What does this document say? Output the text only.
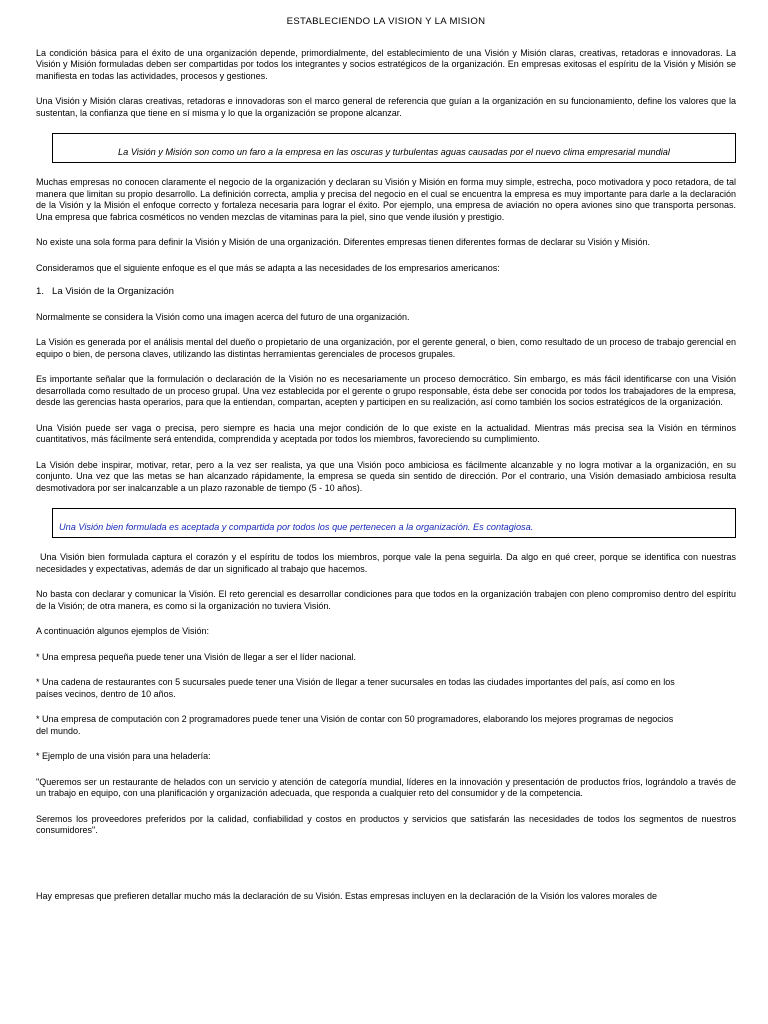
ESTABLECIENDO LA VISION Y LA MISION

La condición básica para el éxito de una organización depende, primordialmente, del establecimiento de una Visión y Misión claras, creativas, retadoras e innovadoras. La Visión y Misión formuladas deben ser compartidas por todos los integrantes y socios estratégicos de la organización. En empresas exitosas el espíritu de la Visión y Misión se manifiesta en todas las actividades, procesos y gestiones.

Una Visión y Misión claras creativas, retadoras e innovadoras son el marco general de referencia que guían a la organización en su funcionamiento, define los valores que la sustentan, la confianza que tiene en sí misma y lo que la organización se propone alcanzar.

La Visión y Misión son como un faro a la empresa en las oscuras y turbulentas aguas causadas por el nuevo clima empresarial mundial

Muchas empresas no conocen claramente el negocio de la organización y declaran su Visión y Misión en forma muy simple, estrecha, poco motivadora y poco retadora, de tal manera que limitan su propio desarrollo. La definición correcta, amplia y precisa del negocio en el cual se encuentra la empresa es muy importante para darle a la declaración de la Visión y la Misión el enfoque correcto y fortaleza necesaria para lograr el éxito. Por ejemplo, una empresa de aviación no opera aviones sino que transporta personas. Una empresa que fabrica cosméticos no venden mezclas de vitaminas para la piel, sino que vende ilusión y prestigio.

No existe una sola forma para definir la Visión y Misión de una organización. Diferentes empresas tienen diferentes formas de declarar su Visión y Misión.

Consideramos que el siguiente enfoque es el que más se adapta a las necesidades de los empresarios americanos:

1. La Visión de la Organización

Normalmente se considera la Visión como una imagen acerca del futuro de una organización.

La Visión es generada por el análisis mental del dueño o propietario de una organización, por el gerente general, o bien, como resultado de un proceso de trabajo gerencial en equipo o bien, de persona claves, utilizando las distintas herramientas gerenciales de procesos grupales.

Es importante señalar que la formulación o declaración de la Visión no es necesariamente un proceso democrático. Sin embargo, es más fácil identificarse con una Visión desarrollada como resultado de un proceso grupal. Una vez establecida por el gerente o grupo responsable, ésta debe ser conocida por todos los trabajadores de la empresa, desde las gerencias hasta operarios, para que la entiendan, compartan, acepten y participen en su realización, así como también los socios estratégicos de la organización.

Una Visión puede ser vaga o precisa, pero siempre es hacia una mejor condición de lo que existe en la actualidad. Mientras más precisa sea la Visión en términos cuantitativos, más fácilmente será entendida, comprendida y aceptada por todos los miembros, favoreciendo su cumplimiento.

La Visión debe inspirar, motivar, retar, pero a la vez ser realista, ya que una Visión poco ambiciosa es fácilmente alcanzable y no logra motivar a la organización, en su conjunto. Una vez que las metas se han alcanzado rápidamente, la empresa se queda sin sentido de dirección. Por el contrario, una Visión demasiado ambiciosa resulta desmotivadora por ser inalcanzable a un plazo razonable de tiempo (5 - 10 años).

Una Visión bien formulada es aceptada y compartida por todos los que pertenecen a la organización. Es contagiosa.

Una Visión bien formulada captura el corazón y el espíritu de todos los miembros, porque vale la pena seguirla. Da algo en qué creer, porque se identifica con nuestras necesidades y expectativas, además de dar un significado al trabajo que hacemos.

No basta con declarar y comunicar la Visión. El reto gerencial es desarrollar condiciones para que todos en la organización trabajen con pleno compromiso dentro del espíritu de la Visión; de otra manera, es como si la organización no tuviera Visión.

A continuación algunos ejemplos de Visión:

* Una empresa pequeña puede tener una Visión de llegar a ser el líder nacional.

* Una cadena de restaurantes con 5 sucursales puede tener una Visión de llegar a tener sucursales en todas las ciudades importantes del país, así como en los países vecinos, dentro de 10 años.

* Una empresa de computación con 2 programadores puede tener una Visión de contar con 50 programadores, elaborando los mejores programas de negocios del mundo.

* Ejemplo de una visión para una heladería:

"Queremos ser un restaurante de helados con un servicio y atención de categoría mundial, líderes en la innovación y presentación de productos fríos, lográndolo a través de un trabajo en equipo, con una planificación y organización adecuada, que responda a cualquier reto del consumidor y de la competencia.

Seremos los proveedores preferidos por la calidad, confiabilidad y costos en productos y servicios que satisfarán las necesidades de todos los segmentos de nuestros consumidores".

Hay empresas que prefieren detallar mucho más la declaración de su Visión. Estas empresas incluyen en la declaración de la Visión los valores morales de
